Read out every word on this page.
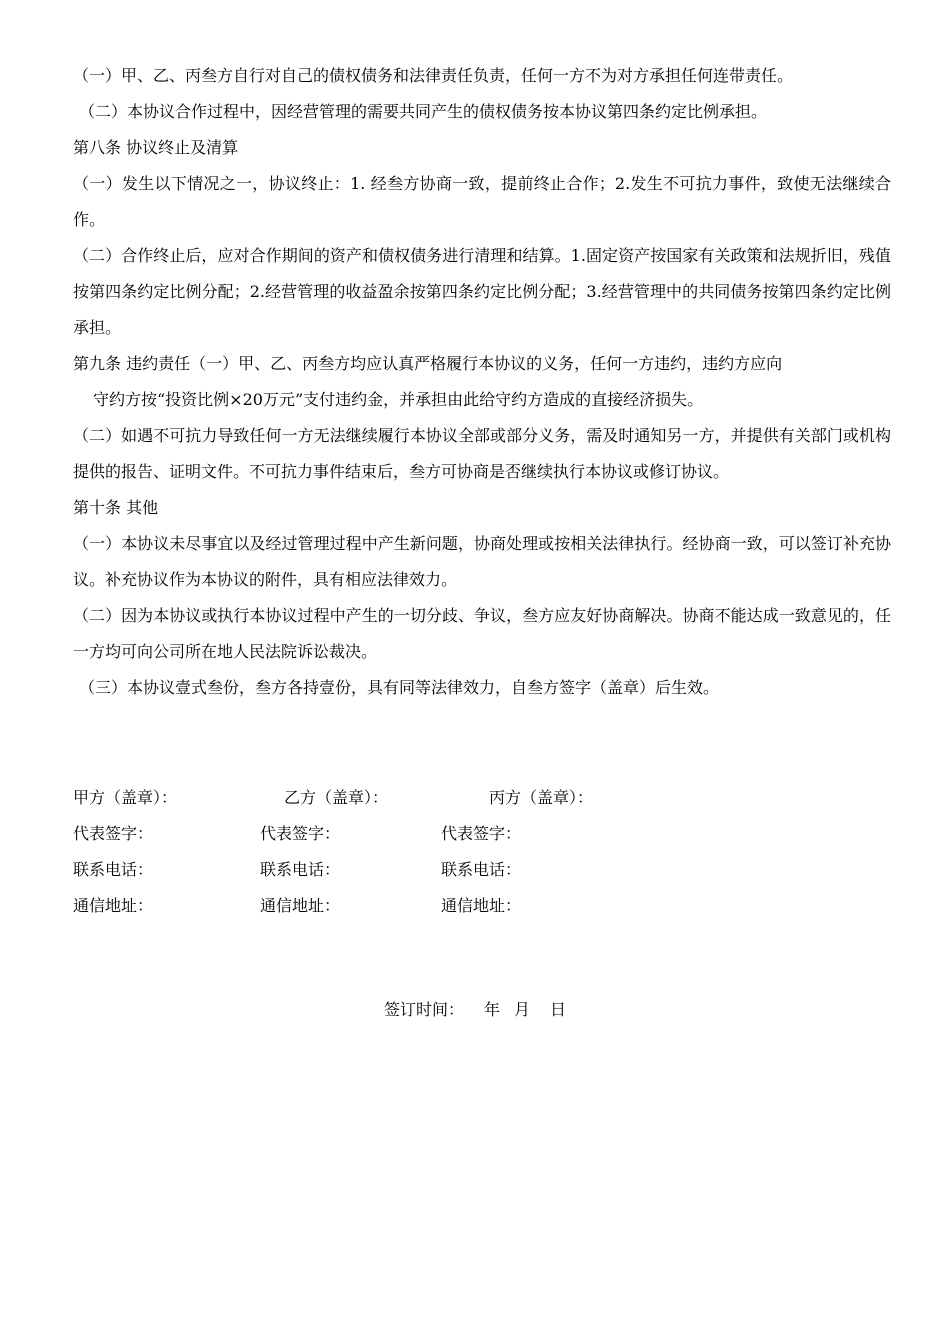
（一）甲、乙、丙叁方自行对自己的债权债务和法律责任负责，任何一方不为对方承担任何连带责任。

（二）本协议合作过程中，因经营管理的需要共同产生的债权债务按本协议第四条约定比例承担。

第八条 协议终止及清算

（一）发生以下情况之一，协议终止：1. 经叁方协商一致，提前终止合作；2.发生不可抗力事件，致使无法继续合作。

（二）合作终止后，应对合作期间的资产和债权债务进行清理和结算。1.固定资产按国家有关政策和法规折旧，残值按第四条约定比例分配；2.经营管理的收益盈余按第四条约定比例分配；3.经营管理中的共同债务按第四条约定比例承担。

第九条 违约责任（一）甲、乙、丙叁方均应认真严格履行本协议的义务，任何一方违约，违约方应向
守约方按“投资比例×20万元”支付违约金，并承担由此给守约方造成的直接经济损失。

（二）如遇不可抗力导致任何一方无法继续履行本协议全部或部分义务，需及时通知另一方，并提供有关部门或机构提供的报告、证明文件。不可抗力事件结束后，叁方可协商是否继续执行本协议或修订协议。

第十条 其他

（一）本协议未尽事宜以及经过管理过程中产生新问题，协商处理或按相关法律执行。经协商一致，可以签订补充协议。补充协议作为本协议的附件，具有相应法律效力。

（二）因为本协议或执行本协议过程中产生的一切分歧、争议，叁方应友好协商解决。协商不能达成一致意见的，任一方均可向公司所在地人民法院诉讼裁决。

（三）本协议壹式叁份，叁方各持壹份，具有同等法律效力，自叁方签字（盖章）后生效。

甲方（盖章）：	乙方（盖章）：	丙方（盖章）：
代表签字：	代表签字：	代表签字：
联系电话：	联系电话：	联系电话：
通信地址：	通信地址：	通信地址：
签订时间： 年 月 日
